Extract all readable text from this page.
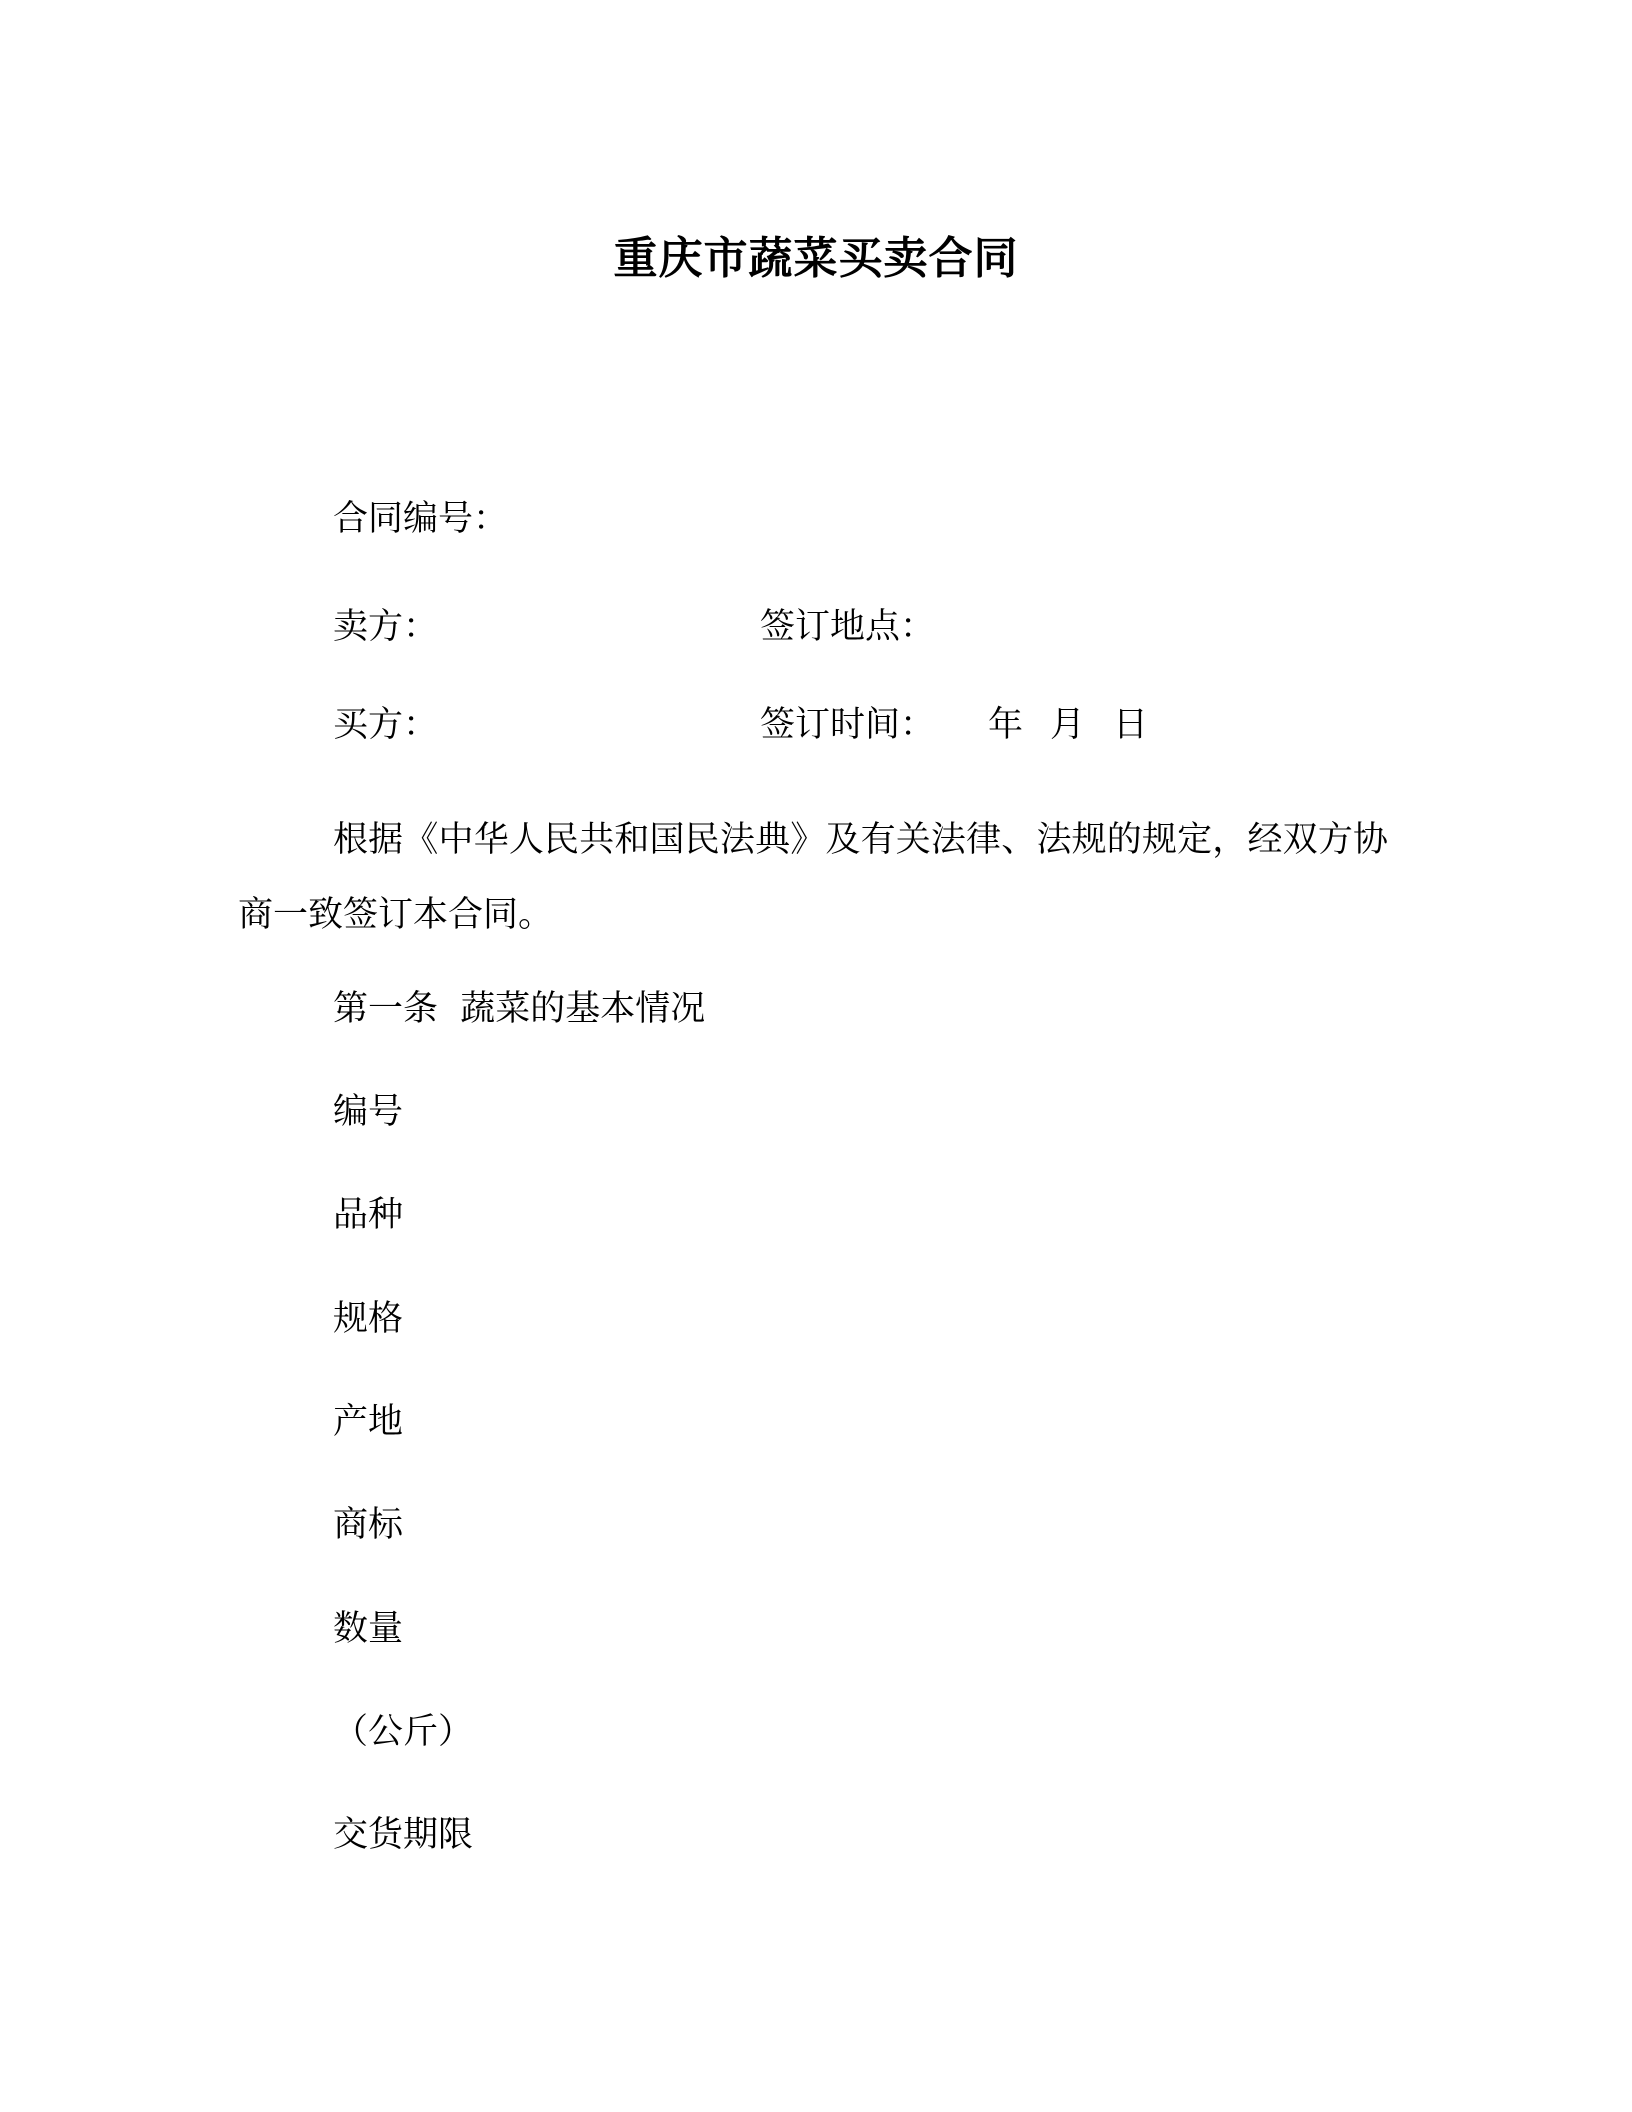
重庆市蔬菜买卖合同
合同编号：
卖方：	签订地点：
买方：	签订时间： 年 月 日
根据《中华人民共和国民法典》及有关法律、法规的规定，经双方协商一致签订本合同。
第一条  蔬菜的基本情况
编号
品种
规格
产地
商标
数量
（公斤）
交货期限
